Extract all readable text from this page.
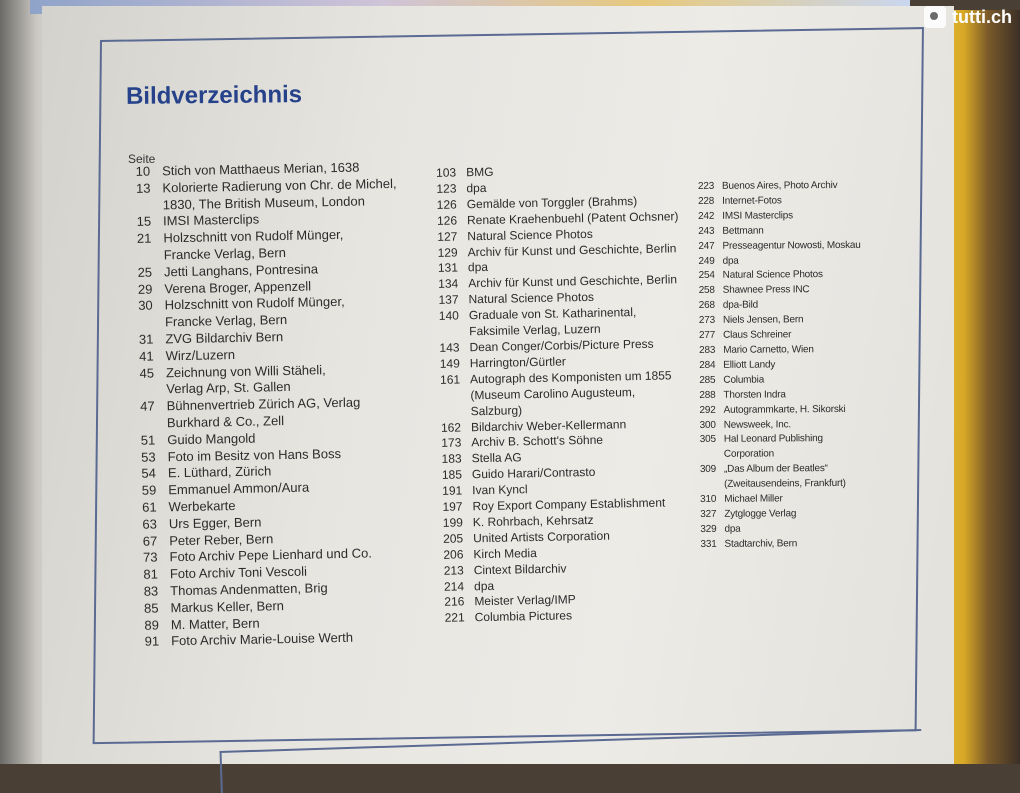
tutti.ch
Bildverzeichnis
Seite
10 Stich von Matthaeus Merian, 1638
13 Kolorierte Radierung von Chr. de Michel,
1830, The British Museum, London
15 IMSI Masterclips
21 Holzschnitt von Rudolf Münger,
Francke Verlag, Bern
25 Jetti Langhans, Pontresina
29 Verena Broger, Appenzell
30 Holzschnitt von Rudolf Münger,
Francke Verlag, Bern
31 ZVG Bildarchiv Bern
41 Wirz/Luzern
45 Zeichnung von Willi Stäheli,
Verlag Arp, St. Gallen
47 Bühnenvertrieb Zürich AG, Verlag
Burkhard & Co., Zell
51 Guido Mangold
53 Foto im Besitz von Hans Boss
54 E. Lüthard, Zürich
59 Emmanuel Ammon/Aura
61 Werbekarte
63 Urs Egger, Bern
67 Peter Reber, Bern
73 Foto Archiv Pepe Lienhard und Co.
81 Foto Archiv Toni Vescoli
83 Thomas Andenmatten, Brig
85 Markus Keller, Bern
89 M. Matter, Bern
91 Foto Archiv Marie-Louise Werth
103 BMG
123 dpa
126 Gemälde von Torggler (Brahms)
126 Renate Kraehenbuehl (Patent Ochsner)
127 Natural Science Photos
129 Archiv für Kunst und Geschichte, Berlin
131 dpa
134 Archiv für Kunst und Geschichte, Berlin
137 Natural Science Photos
140 Graduale von St. Katharinental,
Faksimile Verlag, Luzern
143 Dean Conger/Corbis/Picture Press
149 Harrington/Gürtler
161 Autograph des Komponisten um 1855
(Museum Carolino Augusteum,
Salzburg)
162 Bildarchiv Weber-Kellermann
173 Archiv B. Schott's Söhne
183 Stella AG
185 Guido Harari/Contrasto
191 Ivan Kyncl
197 Roy Export Company Establishment
199 K. Rohrbach, Kehrsatz
205 United Artists Corporation
206 Kirch Media
213 Cintext Bildarchiv
214 dpa
216 Meister Verlag/IMP
221 Columbia Pictures
223 Buenos Aires, Photo Archiv
228 Internet-Fotos
242 IMSI Masterclips
243 Bettmann
247 Presseagentur Nowosti, Moskau
249 dpa
254 Natural Science Photos
258 Shawnee Press INC
268 dpa-Bild
273 Niels Jensen, Bern
277 Claus Schreiner
283 Mario Carnetto, Wien
284 Elliott Landy
285 Columbia
288 Thorsten Indra
292 Autogrammkarte, H. Sikorski
300 Newsweek, Inc.
305 Hal Leonard Publishing
Corporation
309 „Das Album der Beatles“
(Zweitausendeins, Frankfurt)
310 Michael Miller
327 Zytglogge Verlag
329 dpa
331 Stadtarchiv, Bern
